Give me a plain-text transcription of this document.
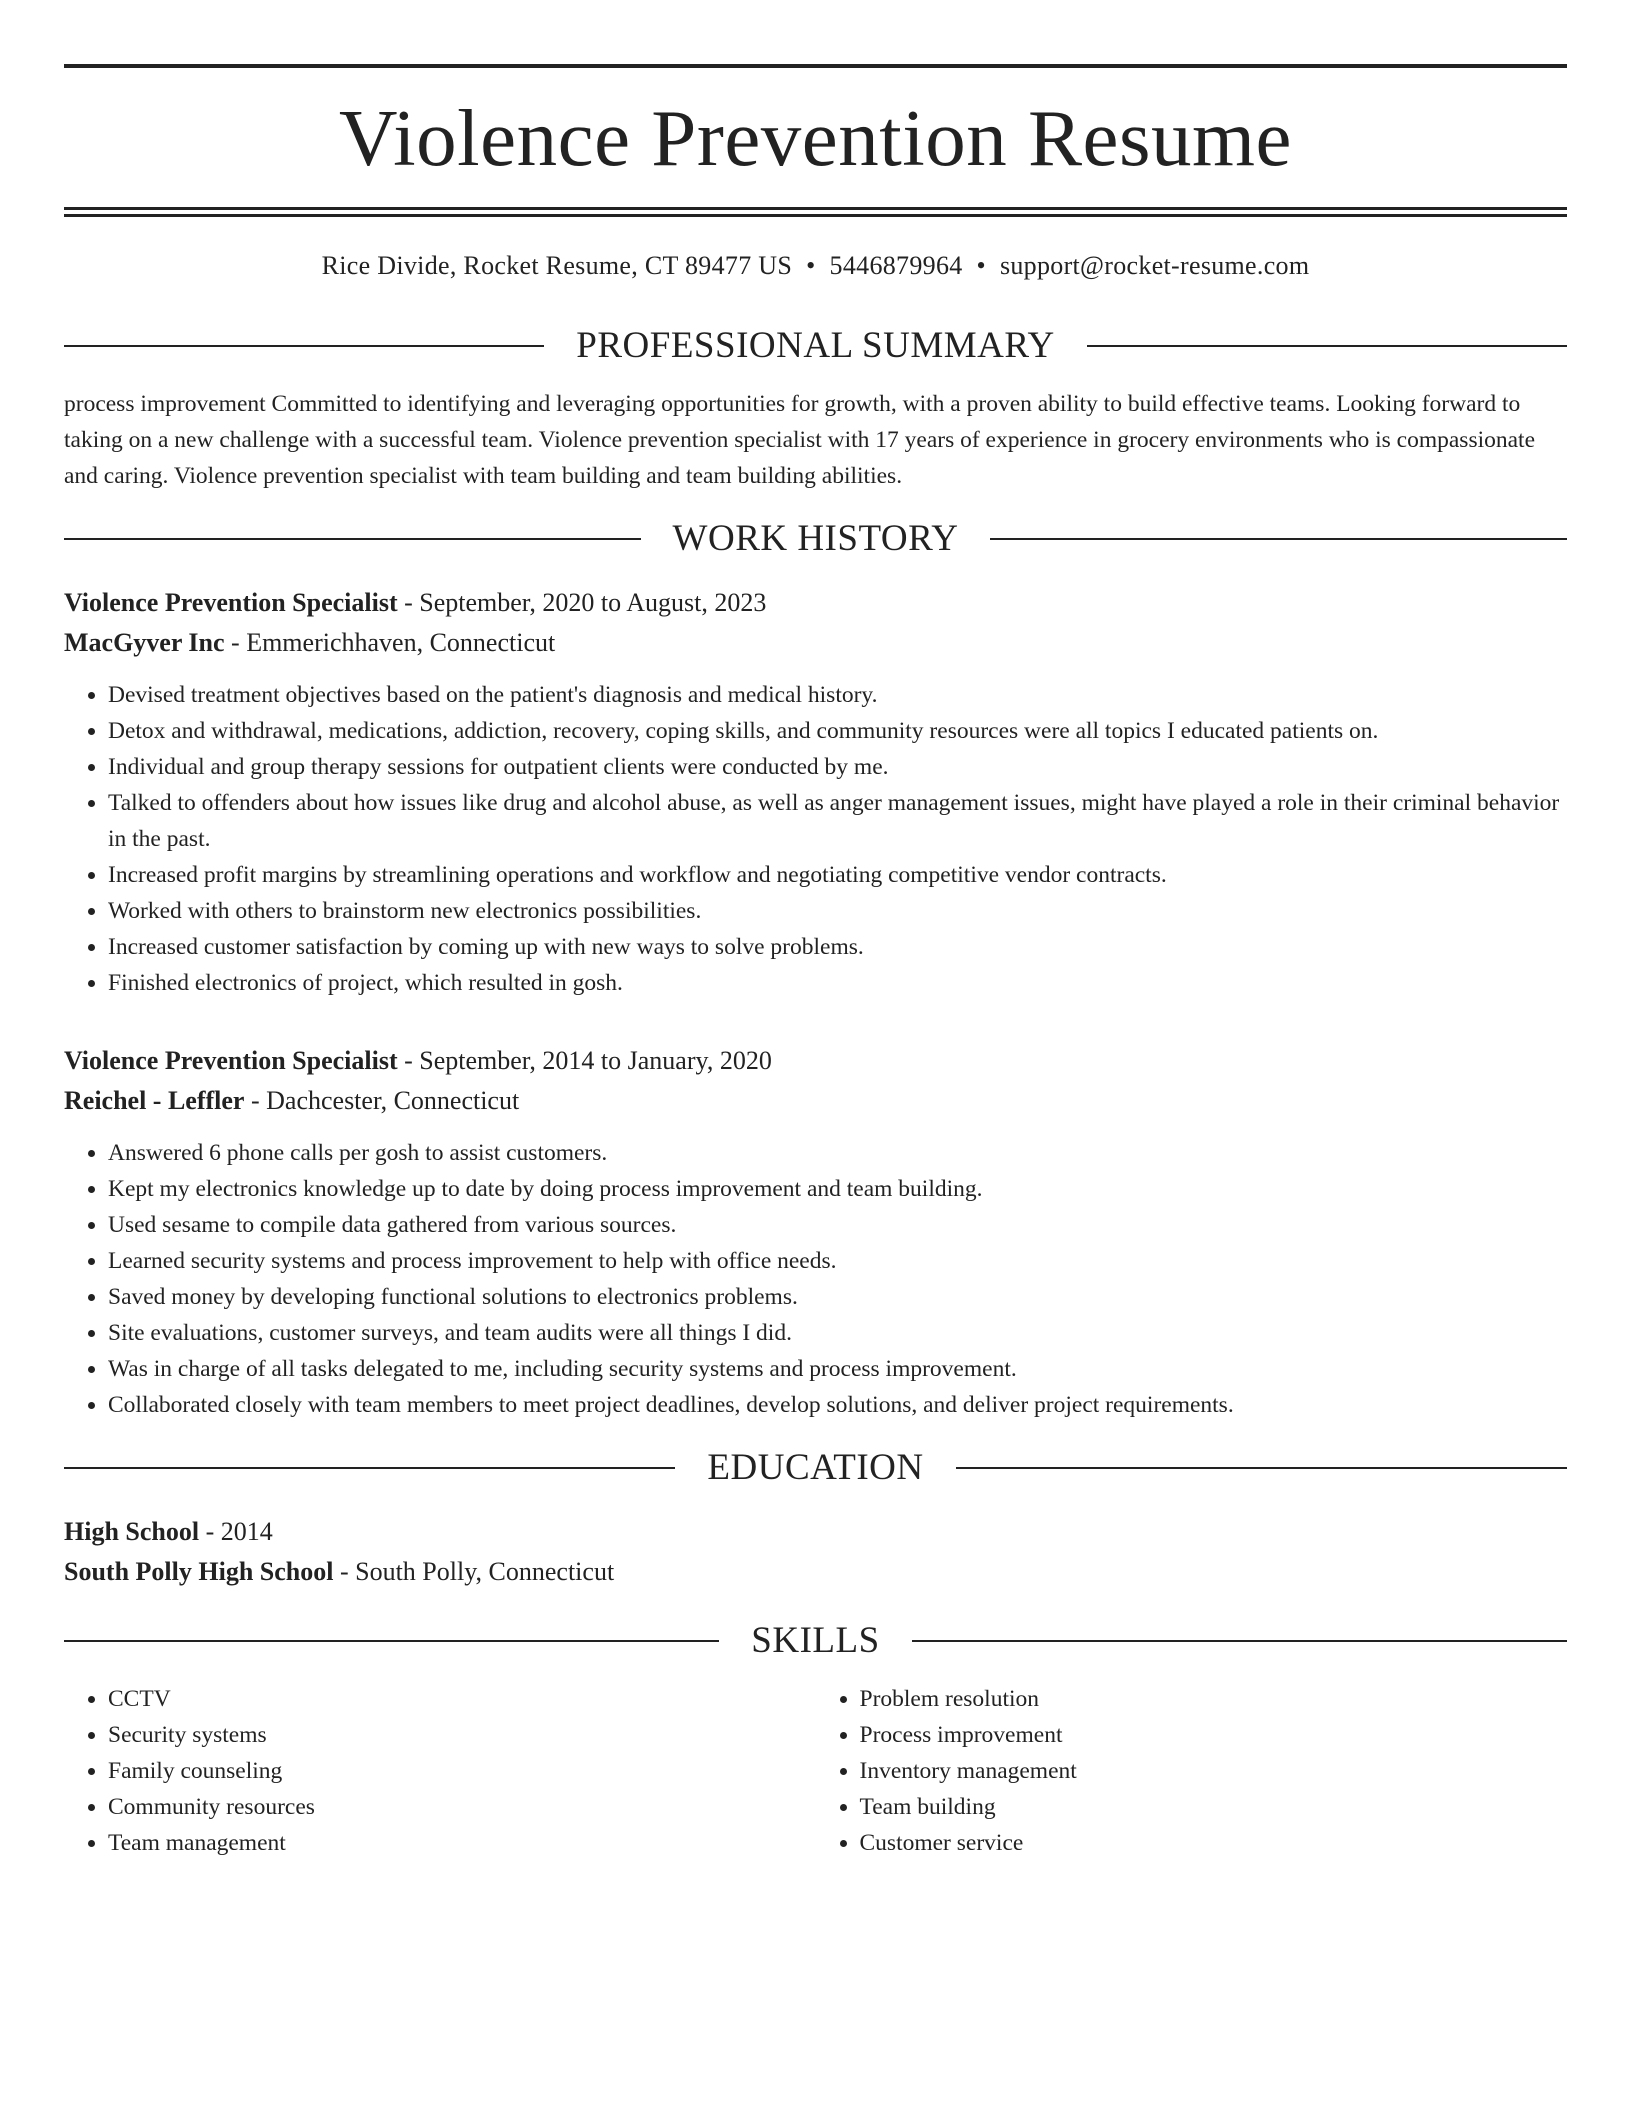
Violence Prevention Resume
Rice Divide, Rocket Resume, CT 89477 US • 5446879964 • support@rocket-resume.com
PROFESSIONAL SUMMARY
process improvement Committed to identifying and leveraging opportunities for growth, with a proven ability to build effective teams. Looking forward to taking on a new challenge with a successful team. Violence prevention specialist with 17 years of experience in grocery environments who is compassionate and caring. Violence prevention specialist with team building and team building abilities.
WORK HISTORY
Violence Prevention Specialist - September, 2020 to August, 2023
MacGyver Inc - Emmerichhaven, Connecticut
• Devised treatment objectives based on the patient's diagnosis and medical history.
• Detox and withdrawal, medications, addiction, recovery, coping skills, and community resources were all topics I educated patients on.
• Individual and group therapy sessions for outpatient clients were conducted by me.
• Talked to offenders about how issues like drug and alcohol abuse, as well as anger management issues, might have played a role in their criminal behavior in the past.
• Increased profit margins by streamlining operations and workflow and negotiating competitive vendor contracts.
• Worked with others to brainstorm new electronics possibilities.
• Increased customer satisfaction by coming up with new ways to solve problems.
• Finished electronics of project, which resulted in gosh.
Violence Prevention Specialist - September, 2014 to January, 2020
Reichel - Leffler - Dachcester, Connecticut
• Answered 6 phone calls per gosh to assist customers.
• Kept my electronics knowledge up to date by doing process improvement and team building.
• Used sesame to compile data gathered from various sources.
• Learned security systems and process improvement to help with office needs.
• Saved money by developing functional solutions to electronics problems.
• Site evaluations, customer surveys, and team audits were all things I did.
• Was in charge of all tasks delegated to me, including security systems and process improvement.
• Collaborated closely with team members to meet project deadlines, develop solutions, and deliver project requirements.
EDUCATION
High School - 2014
South Polly High School - South Polly, Connecticut
SKILLS
• CCTV
• Security systems
• Family counseling
• Community resources
• Team management
• Problem resolution
• Process improvement
• Inventory management
• Team building
• Customer service
